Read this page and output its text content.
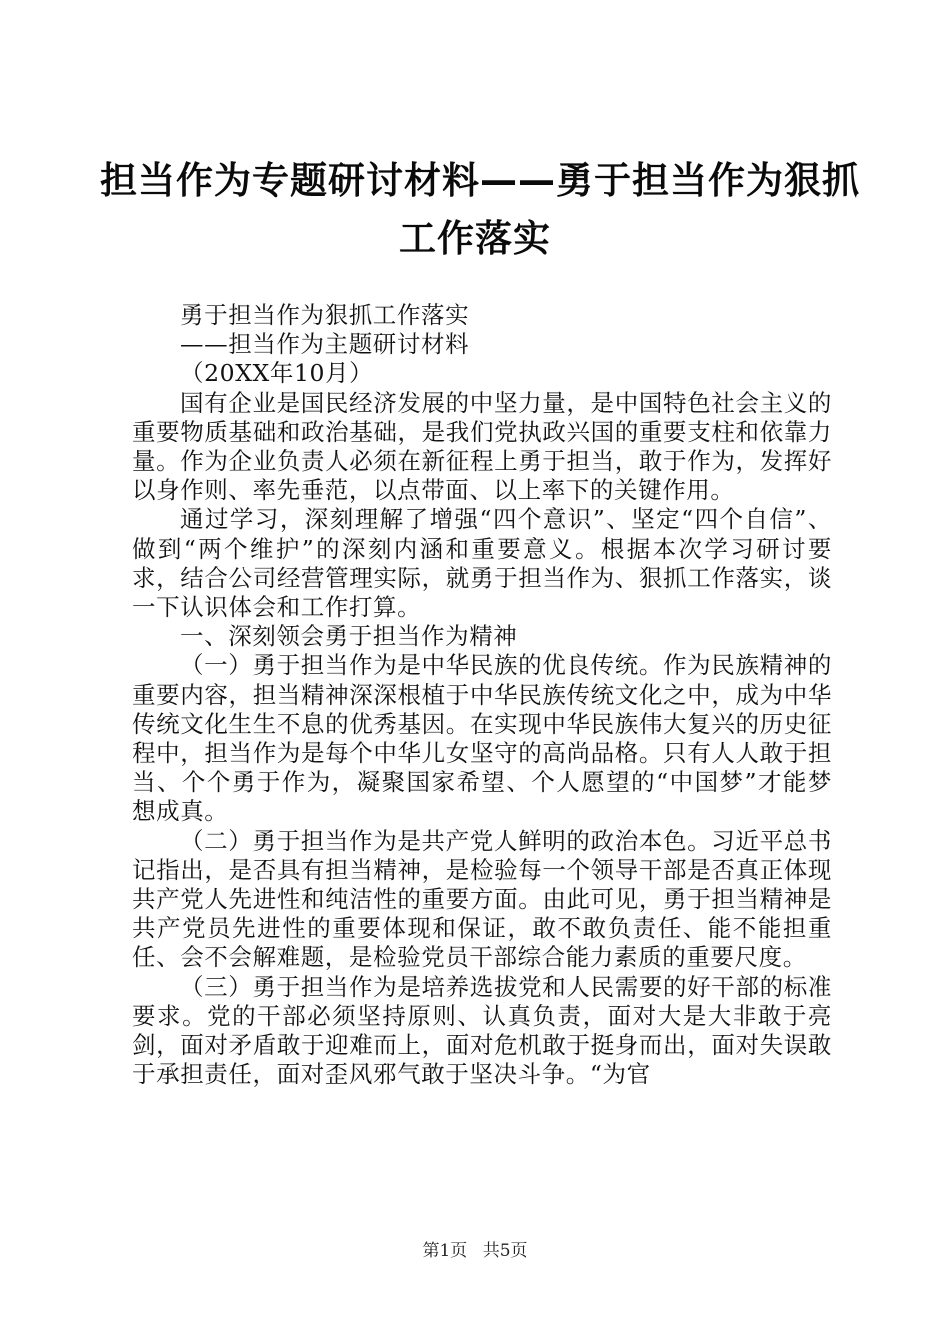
担当作为专题研讨材料——勇于担当作为狠抓
工作落实

勇于担当作为狠抓工作落实

——担当作为主题研讨材料

（20XX年10月）

国有企业是国民经济发展的中坚力量，是中国特色社会主义的重要物质基础和政治基础，是我们党执政兴国的重要支柱和依靠力量。作为企业负责人必须在新征程上勇于担当，敢于作为，发挥好以身作则、率先垂范，以点带面、以上率下的关键作用。

通过学习，深刻理解了增强“四个意识”、坚定“四个自信”、做到“两个维护”的深刻内涵和重要意义。根据本次学习研讨要求，结合公司经营管理实际，就勇于担当作为、狠抓工作落实，谈一下认识体会和工作打算。

一、深刻领会勇于担当作为精神

（一）勇于担当作为是中华民族的优良传统。作为民族精神的重要内容，担当精神深深根植于中华民族传统文化之中，成为中华传统文化生生不息的优秀基因。在实现中华民族伟大复兴的历史征程中，担当作为是每个中华儿女坚守的高尚品格。只有人人敢于担当、个个勇于作为，凝聚国家希望、个人愿望的“中国梦”才能梦想成真。

（二）勇于担当作为是共产党人鲜明的政治本色。习近平总书记指出，是否具有担当精神，是检验每一个领导干部是否真正体现共产党人先进性和纯洁性的重要方面。由此可见，勇于担当精神是共产党员先进性的重要体现和保证，敢不敢负责任、能不能担重任、会不会解难题，是检验党员干部综合能力素质的重要尺度。

（三）勇于担当作为是培养选拔党和人民需要的好干部的标准要求。党的干部必须坚持原则、认真负责，面对大是大非敢于亮剑，面对矛盾敢于迎难而上，面对危机敢于挺身而出，面对失误敢于承担责任，面对歪风邪气敢于坚决斗争。“为官

第1页 共5页
